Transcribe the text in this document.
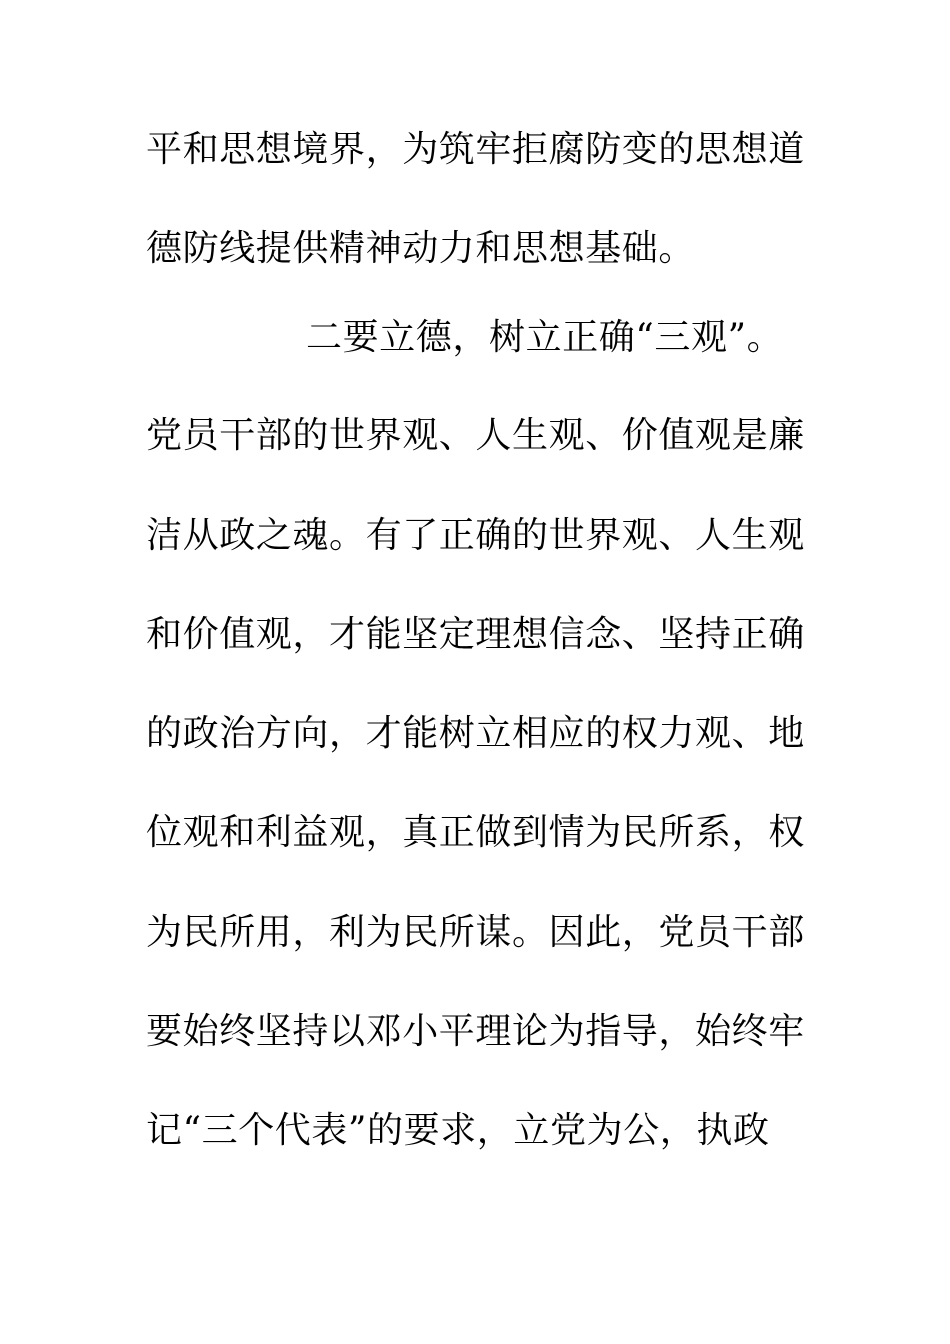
平和思想境界，为筑牢拒腐防变的思想道
德防线提供精神动力和思想基础。
二要立德，树立正确“三观”。
党员干部的世界观、人生观、价值观是廉
洁从政之魂。有了正确的世界观、人生观
和价值观，才能坚定理想信念、坚持正确
的政治方向，才能树立相应的权力观、地
位观和利益观，真正做到情为民所系，权
为民所用，利为民所谋。因此，党员干部
要始终坚持以邓小平理论为指导，始终牢
记“三个代表”的要求，立党为公，执政
